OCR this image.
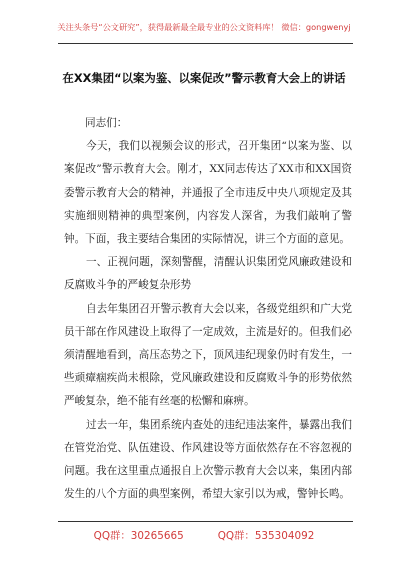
关注头条号“公文研究”，获得最新最全最专业的公文资料库！ 微信：gongwenyj
在XX集团“以案为鉴、以案促改”警示教育大会上的讲话

同志们：

今天，我们以视频会议的形式，召开集团“以案为鉴、以案促改”警示教育大会。刚才，XX同志传达了XX市和XX国资委警示教育大会的精神，并通报了全市违反中央八项规定及其实施细则精神的典型案例，内容发人深省，为我们敲响了警钟。下面，我主要结合集团的实际情况，讲三个方面的意见。

一、正视问题，深刻警醒，清醒认识集团党风廉政建设和反腐败斗争的严峻复杂形势

自去年集团召开警示教育大会以来，各级党组织和广大党员干部在作风建设上取得了一定成效，主流是好的。但我们必须清醒地看到，高压态势之下，顶风违纪现象仍时有发生，一些顽瘴痼疾尚未根除，党风廉政建设和反腐败斗争的形势依然严峻复杂，绝不能有丝毫的松懈和麻痹。

过去一年，集团系统内查处的违纪违法案件，暴露出我们在管党治党、队伍建设、作风建设等方面依然存在不容忽视的问题。我在这里重点通报自上次警示教育大会以来，集团内部发生的八个方面的典型案例，希望大家引以为戒，警钟长鸣。

QQ群：30265665	QQ群：535304092
